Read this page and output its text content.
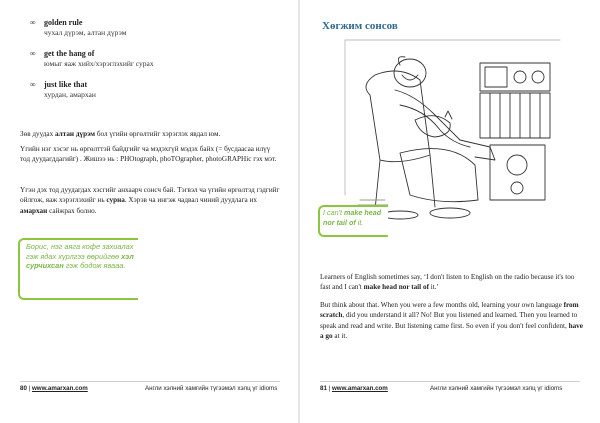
∞ golden rule
чухал дүрэм, алтан дүрэм
∞ get the hang of
юмыг яаж хийх/хэрэглэхийг сурах
∞ just like that
хурдан, амархан
Зөв дуудах алтан дүрэм бол үгийн өргөлтийг хэрэглэх явдал юм.
Үгийн нэг хэсэг нь өргөлттэй байдгийг ча мэдэхгүй мэдэх байх (= бусдаасаа илүү тод дуудагддагийг) . Жишээ нь : PHOtograph, phoTOgrapher, photoGRAPHic гэх мэт.
Үгэн дэх тод дуудагдах хэсгийг анхаарч сонсч бай. Тэгвэл ча үгийн өргөлтэд гэдгийг ойлгож, яаж хэрэглэхийг нь сурна. Хэрэв ча ингэж чадвал чиний дуудлага их амархан сайжрах болно.
Борис, нэг аяга кофе захиалах гэж ядах хүрлгээ өөрийгөө хэл сурчихсан гэж бодож явааа.
80 | www.amarxan.com	Англи хэлний хамгийн түгээмэл хэлц үг idioms
Хөгжим сонсов
I can't make head nor tail of it.
Learners of English sometimes say, ‘I don't listen to English on the radio because it's too fast and I can't make head nor tail of it.’
But think about that. When you were a few months old, learning your own language from scratch, did you understand it all? No! But you listened and learned. Then you learned to speak and read and write. But listening came first. So even if you don't feel confident, have a go at it.
81 | www.amarxan.com	Англи хэлний хамгийн түгээмэл хэлц үг idioms
